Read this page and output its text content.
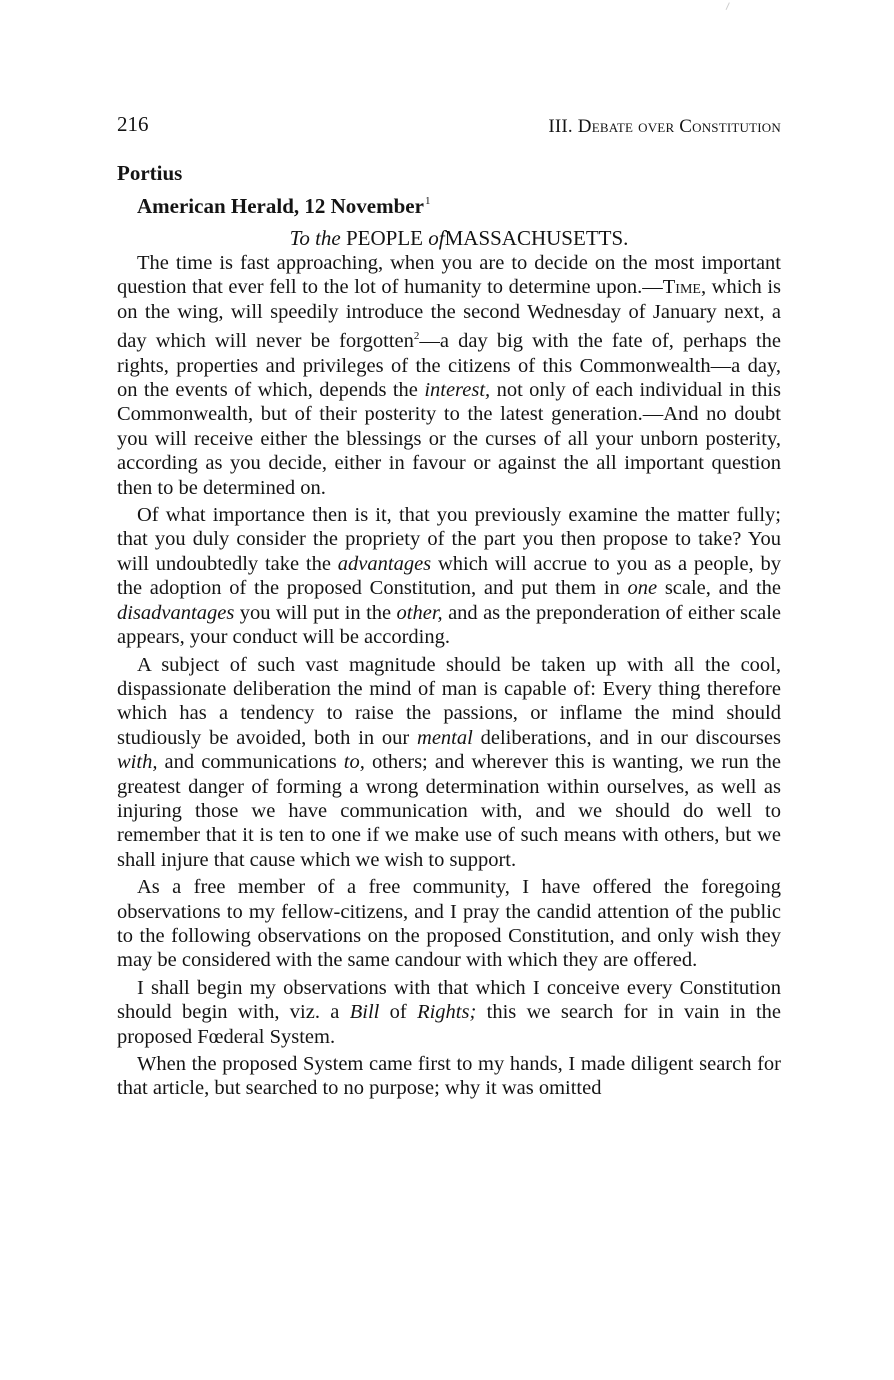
216	III. Debate over Constitution
Portius
American Herald, 12 November$^1$
To the PEOPLE ofMASSACHUSETTS.

The time is fast approaching, when you are to decide on the most important question that ever fell to the lot of humanity to determine upon.—Time, which is on the wing, will speedily introduce the second Wednesday of January next, a day which will never be forgotten$^2$—a day big with the fate of, perhaps the rights, properties and privileges of the citizens of this Commonwealth—a day, on the events of which, depends the interest, not only of each individual in this Commonwealth, but of their posterity to the latest generation.—And no doubt you will receive either the blessings or the curses of all your unborn posterity, according as you decide, either in favour or against the all important question then to be determined on.

Of what importance then is it, that you previously examine the matter fully; that you duly consider the propriety of the part you then propose to take? You will undoubtedly take the advantages which will accrue to you as a people, by the adoption of the proposed Constitution, and put them in one scale, and the disadvantages you will put in the other, and as the preponderation of either scale appears, your conduct will be according.

A subject of such vast magnitude should be taken up with all the cool, dispassionate deliberation the mind of man is capable of: Every thing therefore which has a tendency to raise the passions, or inflame the mind should studiously be avoided, both in our mental deliberations, and in our discourses with, and communications to, others; and wherever this is wanting, we run the greatest danger of forming a wrong determination within ourselves, as well as injuring those we have communication with, and we should do well to remember that it is ten to one if we make use of such means with others, but we shall injure that cause which we wish to support.

As a free member of a free community, I have offered the foregoing observations to my fellow-citizens, and I pray the candid attention of the public to the following observations on the proposed Constitution, and only wish they may be considered with the same candour with which they are offered.

I shall begin my observations with that which I conceive every Constitution should begin with, viz. a Bill of Rights; this we search for in vain in the proposed Fœderal System.

When the proposed System came first to my hands, I made diligent search for that article, but searched to no purpose; why it was omitted
